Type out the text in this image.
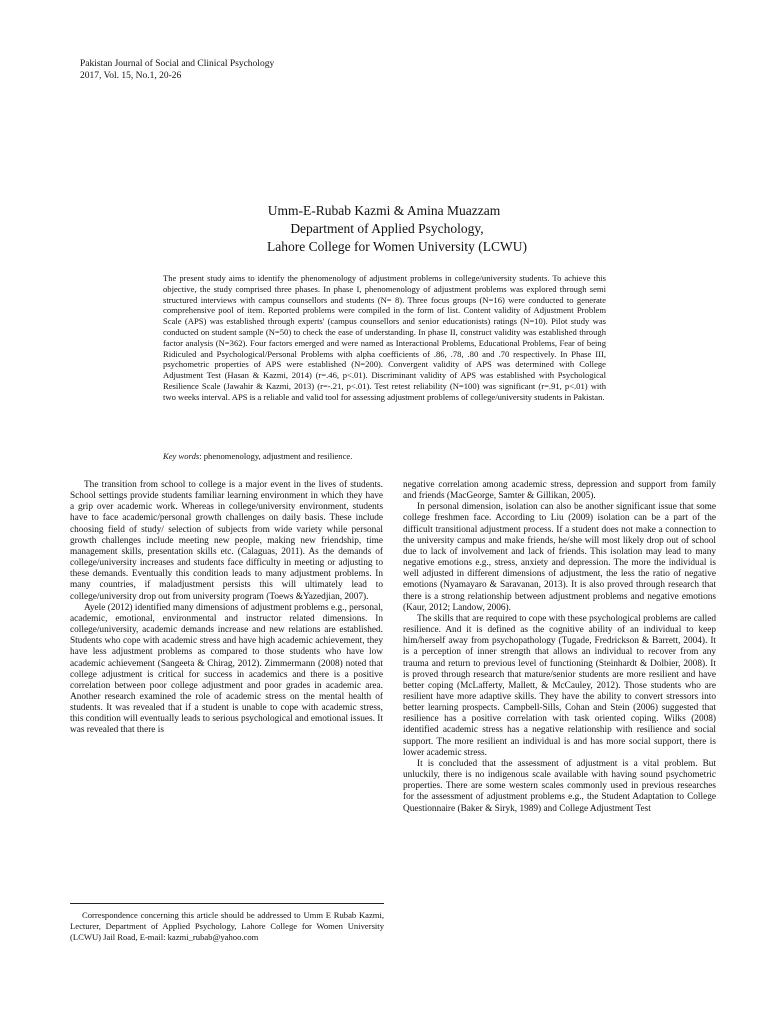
Pakistan Journal of Social and Clinical Psychology
2017, Vol. 15, No.1, 20-26
Umm-E-Rubab Kazmi & Amina Muazzam
Department of Applied Psychology,
Lahore College for Women University (LCWU)
The present study aims to identify the phenomenology of adjustment problems in college/university students. To achieve this objective, the study comprised three phases. In phase I, phenomenology of adjustment problems was explored through semi structured interviews with campus counsellors and students (N= 8). Three focus groups (N=16) were conducted to generate comprehensive pool of item. Reported problems were compiled in the form of list. Content validity of Adjustment Problem Scale (APS) was established through experts' (campus counsellors and senior educationists) ratings (N=10). Pilot study was conducted on student sample (N=50) to check the ease of understanding. In phase II, construct validity was established through factor analysis (N=362). Four factors emerged and were named as Interactional Problems, Educational Problems, Fear of being Ridiculed and Psychological/Personal Problems with alpha coefficients of .86, .78, .80 and .70 respectively. In Phase III, psychometric properties of APS were established (N=200). Convergent validity of APS was determined with College Adjustment Test (Hasan & Kazmi, 2014) (r=.46, p<.01). Discriminant validity of APS was established with Psychological Resilience Scale (Jawahir & Kazmi, 2013) (r=-.21, p<.01). Test retest reliability (N=100) was significant (r=.91, p<.01) with two weeks interval. APS is a reliable and valid tool for assessing adjustment problems of college/university students in Pakistan.
Key words: phenomenology, adjustment and resilience.

The transition from school to college is a major event in the lives of students. School settings provide students familiar learning environment in which they have a grip over academic work. Whereas in college/university environment, students have to face academic/personal growth challenges on daily basis. These include choosing field of study/ selection of subjects from wide variety while personal growth challenges include meeting new people, making new friendship, time management skills, presentation skills etc. (Calaguas, 2011). As the demands of college/university increases and students face difficulty in meeting or adjusting to these demands. Eventually this condition leads to many adjustment problems. In many countries, if maladjustment persists this will ultimately lead to college/university drop out from university program (Toews &Yazedjian, 2007).

Ayele (2012) identified many dimensions of adjustment problems e.g., personal, academic, emotional, environmental and instructor related dimensions. In college/university, academic demands increase and new relations are established. Students who cope with academic stress and have high academic achievement, they have less adjustment problems as compared to those students who have low academic achievement (Sangeeta & Chirag, 2012). Zimmermann (2008) noted that college adjustment is critical for success in academics and there is a positive correlation between poor college adjustment and poor grades in academic area. Another research examined the role of academic stress on the mental health of students. It was revealed that if a student is unable to cope with academic stress, this condition will eventually leads to serious psychological and emotional issues. It was revealed that there is

negative correlation among academic stress, depression and support from family and friends (MacGeorge, Samter & Gillikan, 2005).

In personal dimension, isolation can also be another significant issue that some college freshmen face. According to Liu (2009) isolation can be a part of the difficult transitional adjustment process. If a student does not make a connection to the university campus and make friends, he/she will most likely drop out of school due to lack of involvement and lack of friends. This isolation may lead to many negative emotions e.g., stress, anxiety and depression. The more the individual is well adjusted in different dimensions of adjustment, the less the ratio of negative emotions (Nyamayaro & Saravanan, 2013). It is also proved through research that there is a strong relationship between adjustment problems and negative emotions (Kaur, 2012; Landow, 2006).

The skills that are required to cope with these psychological problems are called resilience. And it is defined as the cognitive ability of an individual to keep him/herself away from psychopathology (Tugade, Fredrickson & Barrett, 2004). It is a perception of inner strength that allows an individual to recover from any trauma and return to previous level of functioning (Steinhardt & Dolbier, 2008). It is proved through research that mature/senior students are more resilient and have better coping (McLafferty, Mallett, & McCauley, 2012). Those students who are resilient have more adaptive skills. They have the ability to convert stressors into better learning prospects. Campbell-Sills, Cohan and Stein (2006) suggested that resilience has a positive correlation with task oriented coping. Wilks (2008) identified academic stress has a negative relationship with resilience and social support. The more resilient an individual is and has more social support, there is lower academic stress.

It is concluded that the assessment of adjustment is a vital problem. But unluckily, there is no indigenous scale available with having sound psychometric properties. There are some western scales commonly used in previous researches for the assessment of adjustment problems e.g., the Student Adaptation to College Questionnaire (Baker & Siryk, 1989) and College Adjustment Test

Correspondence concerning this article should be addressed to Umm E Rubab Kazmi, Lecturer, Department of Applied Psychology, Lahore College for Women University (LCWU) Jail Road, E-mail: kazmi_rubab@yahoo.com
